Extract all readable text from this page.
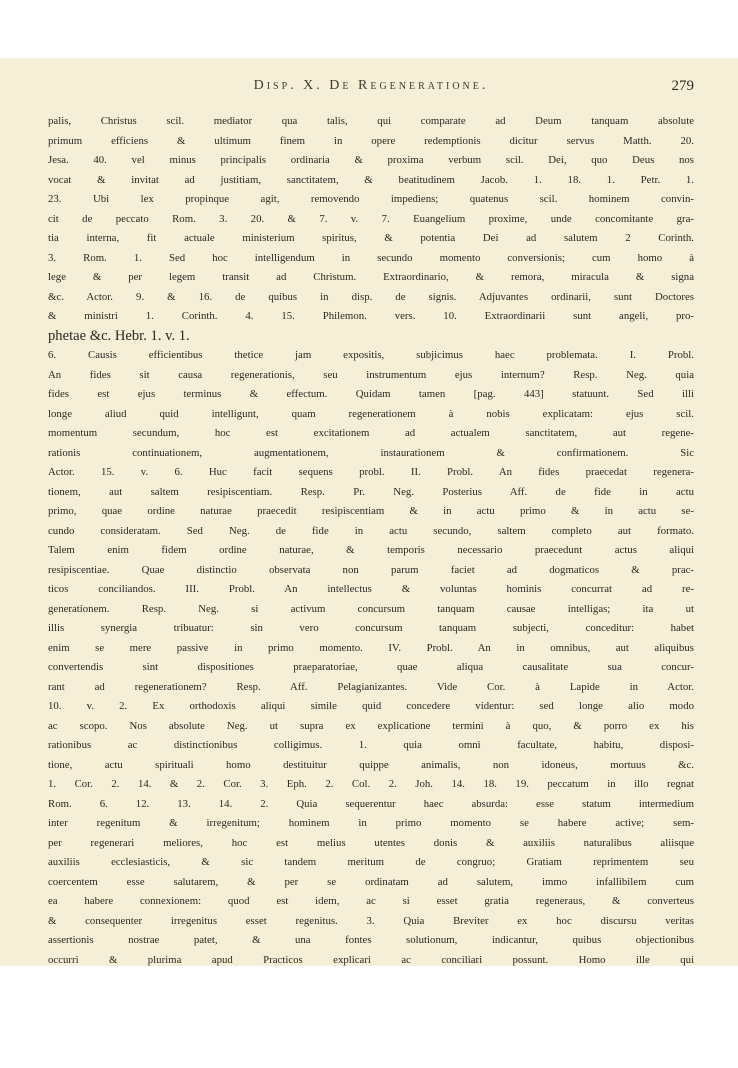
Disp. X. De Regeneratione.	279
palis, Christus scil. mediator qua talis, qui comparate ad Deum tanquam absolute
primum efficiens & ultimum finem in opere redemptionis dicitur servus Matth. 20.
Jesa. 40. vel minus principalis ordinaria & proxima verbum scil. Dei, quo Deus nos
vocat & invitat ad justitiam, sanctitatem, & beatitudinem Jacob. 1. 18. 1. Petr. 1.
23. Ubi lex propinque agit, removendo impediens; quatenus scil. hominem convin-
cit de peccato Rom. 3. 20. & 7. v. 7. Euangelium proxime, unde concomitante gra-
tia interna, fit actuale ministerium spiritus, & potentia Dei ad salutem 2 Corinth.
3. Rom. 1. Sed hoc intelligendum in secundo momento conversionis; cum homo à
lege & per legem transit ad Christum. Extraordinario, & remora, miracula & signa
&c. Actor. 9. & 16. de quibus in disp. de signis. Adjuvantes ordinarii, sunt Doctores
& ministri 1. Corinth. 4. 15. Philemon. vers. 10. Extraordinarii sunt angeli, pro-
phetae &c. Hebr. 1. v. 1.
6. Causis efficientibus thetice jam expositis, subjicimus haec problemata. I. Probl.
An fides sit causa regenerationis, seu instrumentum ejus internum? Resp. Neg. quia
fides est ejus terminus & effectum. Quidam tamen [pag. 443] statuunt. Sed illi
longe aliud quid intelligunt, quam regenerationem à nobis explicatam: ejus scil.
momentum secundum, hoc est excitationem ad actualem sanctitatem, aut regene-
rationis continuationem, augmentationem, instaurationem & confirmationem. Sic
Actor. 15. v. 6. Huc facit sequens probl. II. Probl. An fides praecedat regenera-
tionem, aut saltem resipiscentiam. Resp. Pr. Neg. Posterius Aff. de fide in actu
primo, quae ordine naturae praecedit resipiscentiam & in actu primo & in actu se-
cundo consideratam. Sed Neg. de fide in actu secundo, saltem completo aut formato.
Talem enim fidem ordine naturae, & temporis necessario praecedunt actus aliqui
resipiscentiae. Quae distinctio observata non parum faciet ad dogmaticos & prac-
ticos conciliandos. III. Probl. An intellectus & voluntas hominis concurrat ad re-
generationem. Resp. Neg. si activum concursum tanquam causae intelligas; ita ut
illis synergia tribuatur: sin vero concursum tanquam subjecti, conceditur: habet
enim se mere passive in primo momento. IV. Probl. An in omnibus, aut aliquibus
convertendis sint dispositiones praeparatoriae, quae aliqua causalitate sua concur-
rant ad regenerationem? Resp. Aff. Pelagianizantes. Vide Cor. à Lapide in Actor.
10. v. 2. Ex orthodoxis aliqui simile quid concedere videntur: sed longe alio modo
ac scopo. Nos absolute Neg. ut supra ex explicatione termini à quo, & porro ex his
rationibus ac distinctionibus colligimus. 1. quia omni facultate, habitu, disposi-
tione, actu spirituali homo destituitur quippe animalis, non idoneus, mortuus &c.
1. Cor. 2. 14. & 2. Cor. 3. Eph. 2. Col. 2. Joh. 14. 18. 19. peccatum in illo regnat
Rom. 6. 12. 13. 14. 2. Quia sequerentur haec absurda: esse statum intermedium
inter regenitum & irregenitum; hominem in primo momento se habere active; sem-
per regenerari meliores, hoc est melius utentes donis & auxiliis naturalibus aliisque
auxiliis ecclesiasticis, & sic tandem meritum de congruo; Gratiam reprimentem seu
coercentem esse salutarem, & per se ordinatam ad salutem, immo infallibilem cum
ea habere connexionem: quod est idem, ac si esset gratia regeneraus, & converteus
& consequenter irregenitus esset regenitus. 3. Quia Breviter ex hoc discursu veritas
assertionis nostrae patet, & una fontes solutionum, indicantur, quibus objectionibus
occurri & plurima apud Practicos explicari ac conciliari possunt. Homo ille qui
